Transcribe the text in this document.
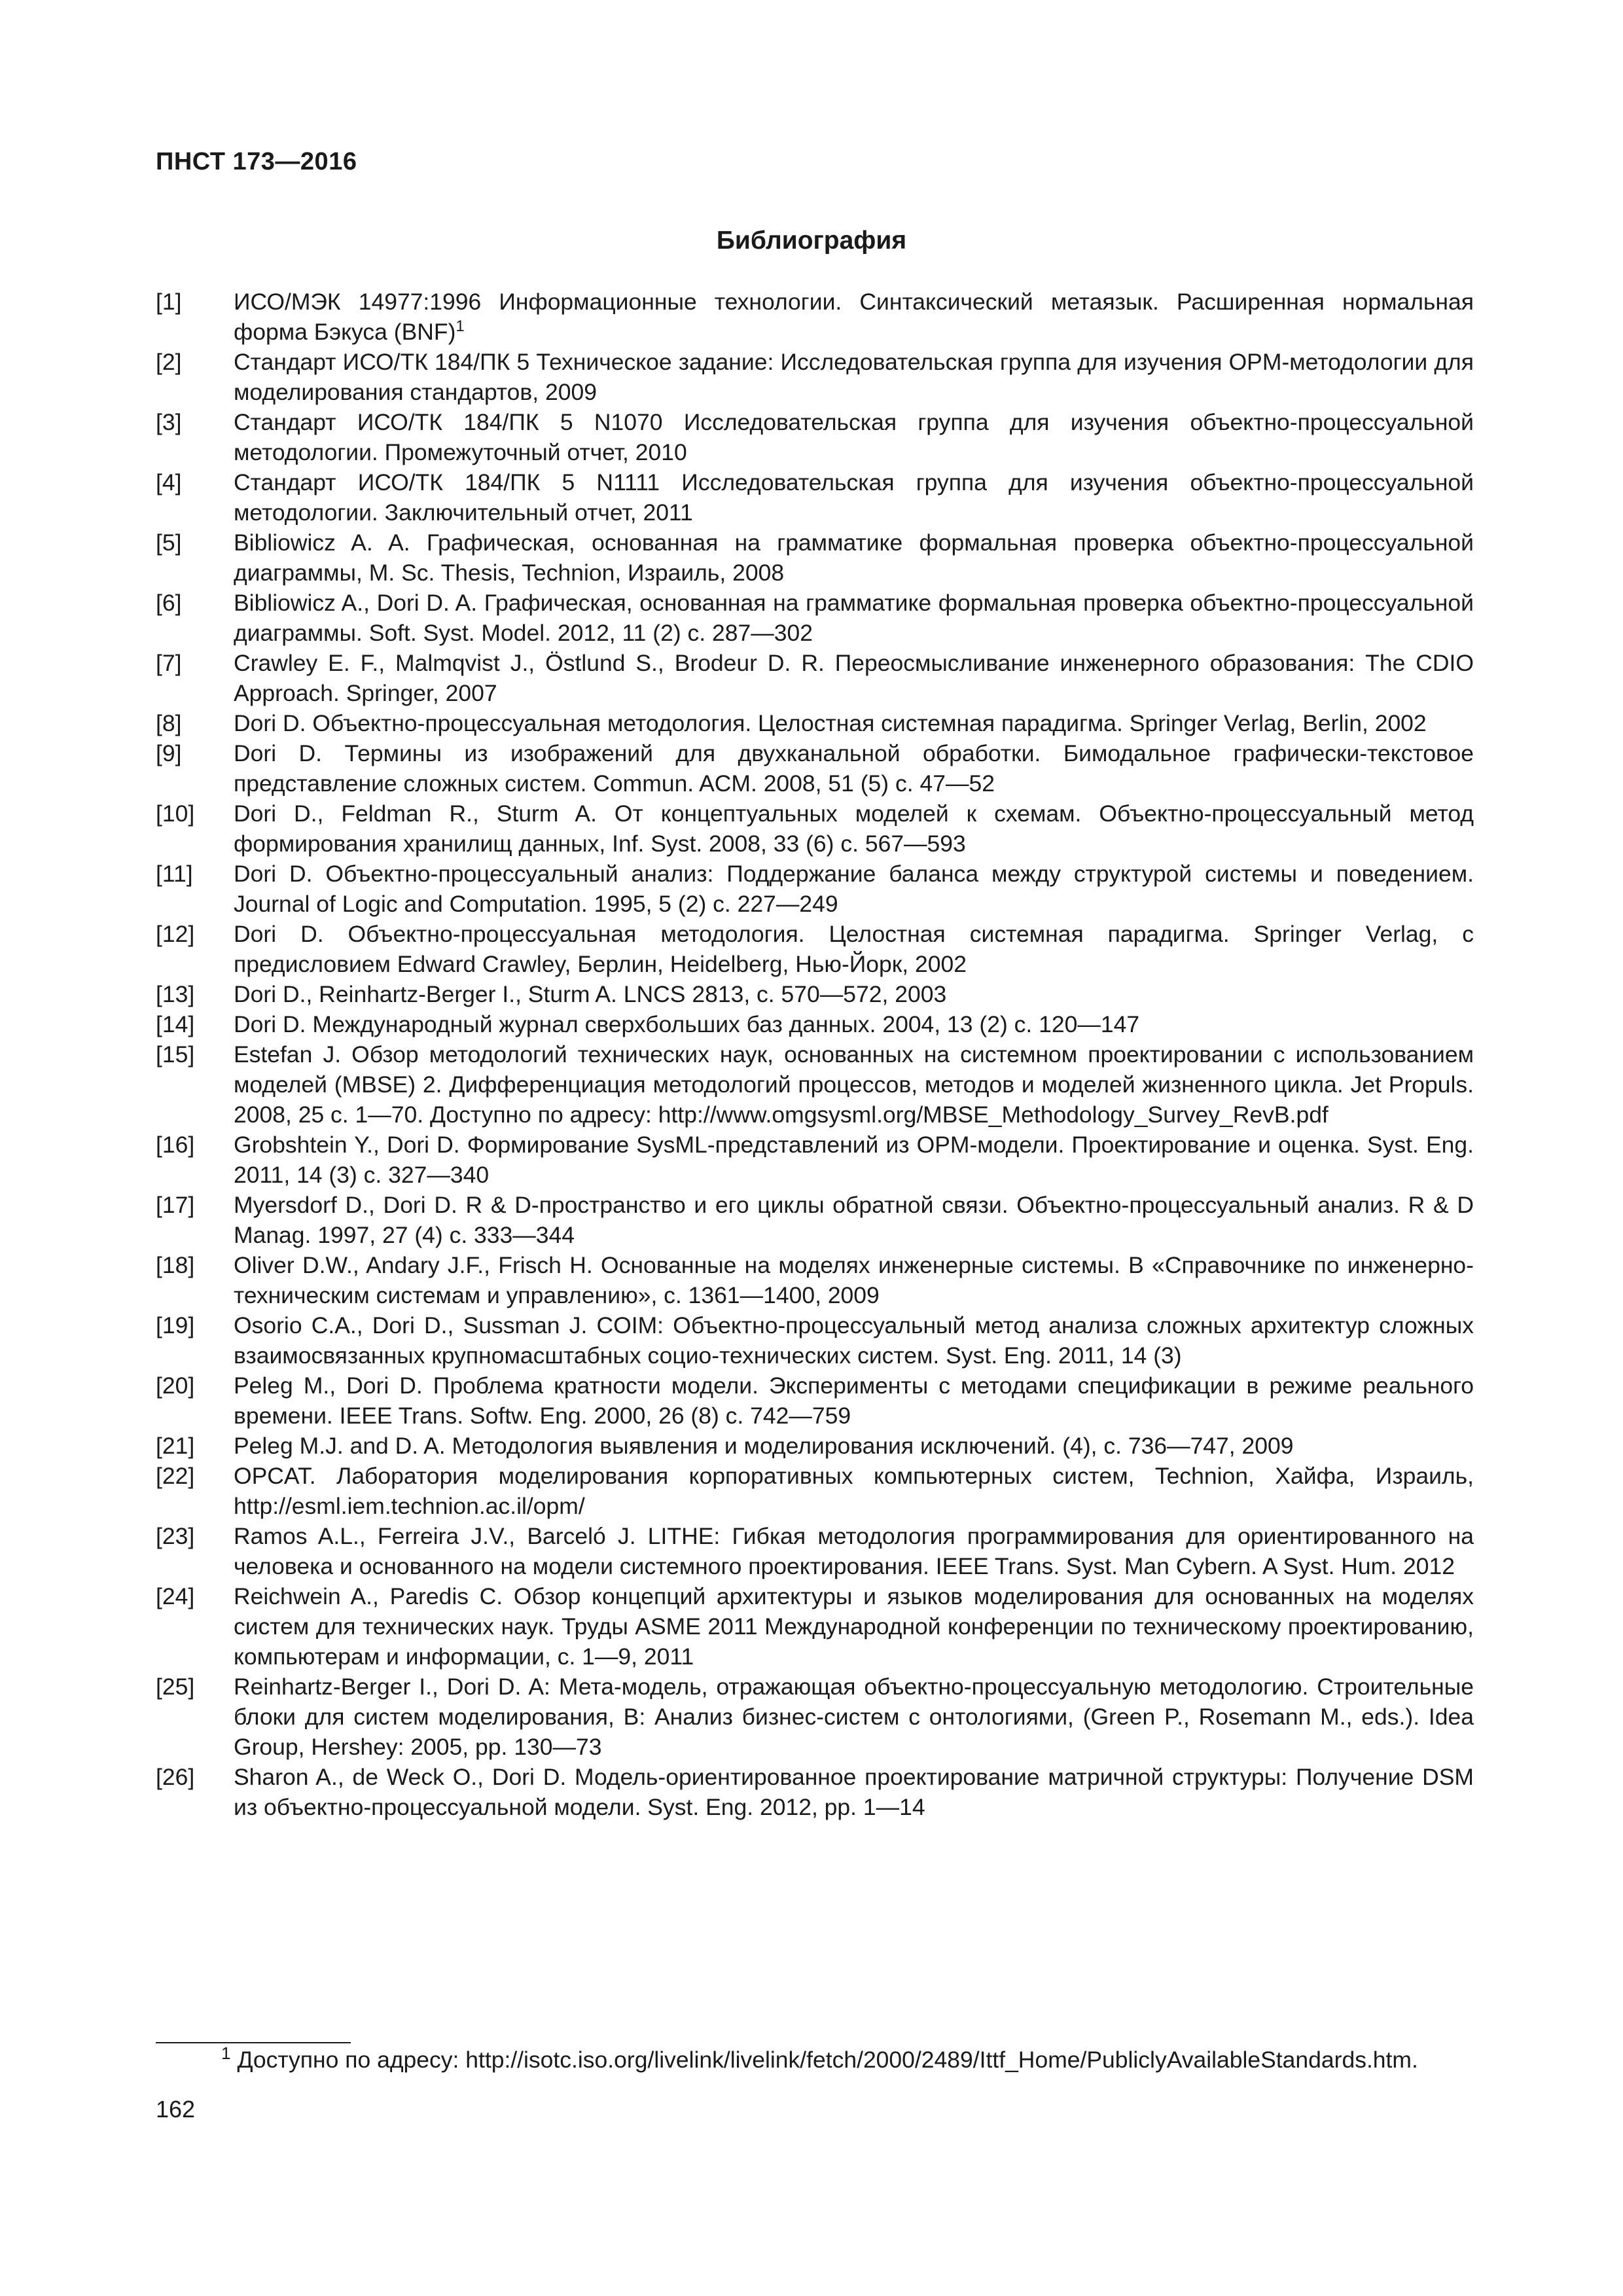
ПНСТ 173—2016
Библиография
[1]	ИСО/МЭК 14977:1996 Информационные технологии. Синтаксический метаязык. Расширенная нормальная форма Бэкуса (BNF)$^1$
[2]	Стандарт ИСО/ТК 184/ПК 5 Техническое задание: Исследовательская группа для изучения OPM-методологии для моделирования стандартов, 2009
[3]	Стандарт ИСО/ТК 184/ПК 5 N1070 Исследовательская группа для изучения объектно-процессуальной методологии. Промежуточный отчет, 2010
[4]	Стандарт ИСО/ТК 184/ПК 5 N1111 Исследовательская группа для изучения объектно-процессуальной методологии. Заключительный отчет, 2011
[5]	Bibliowicz A. A. Графическая, основанная на грамматике формальная проверка объектно-процессуальной диаграммы, M. Sc. Thesis, Technion, Израиль, 2008
[6]	Bibliowicz A., Dori D. A. Графическая, основанная на грамматике формальная проверка объектно-процессуальной диаграммы. Soft. Syst. Model. 2012, 11 (2) с. 287—302
[7]	Crawley E. F., Malmqvist J., Östlund S., Brodeur D. R. Переосмысливание инженерного образования: The CDIO Approach. Springer, 2007
[8]	Dori D. Объектно-процессуальная методология. Целостная системная парадигма. Springer Verlag, Berlin, 2002
[9]	Dori D. Термины из изображений для двухканальной обработки. Бимодальное графически-текстовое представление сложных систем. Commun. ACM. 2008, 51 (5) с. 47—52
[10]	Dori D., Feldman R., Sturm A. От концептуальных моделей к схемам. Объектно-процессуальный метод формирования хранилищ данных, Inf. Syst. 2008, 33 (6) с. 567—593
[11]	Dori D. Объектно-процессуальный анализ: Поддержание баланса между структурой системы и поведением. Journal of Logic and Computation. 1995, 5 (2) с. 227—249
[12]	Dori D. Объектно-процессуальная методология. Целостная системная парадигма. Springer Verlag, с предисловием Edward Crawley, Берлин, Heidelberg, Нью-Йорк, 2002
[13]	Dori D., Reinhartz-Berger I., Sturm A. LNCS 2813, с. 570—572, 2003
[14]	Dori D. Международный журнал сверхбольших баз данных. 2004, 13 (2) с. 120—147
[15]	Estefan J. Обзор методологий технических наук, основанных на системном проектировании с использованием моделей (MBSE) 2. Дифференциация методологий процессов, методов и моделей жизненного цикла. Jet Propuls. 2008, 25 с. 1—70. Доступно по адресу: http://www.omgsysml.org/MBSE_Methodology_Survey_RevB.pdf
[16]	Grobshtein Y., Dori D. Формирование SysML-представлений из OPM-модели. Проектирование и оценка. Syst. Eng. 2011, 14 (3) с. 327—340
[17]	Myersdorf D., Dori D. R & D-пространство и его циклы обратной связи. Объектно-процессуальный анализ. R & D Manag. 1997, 27 (4) с. 333—344
[18]	Oliver D.W., Andary J.F., Frisch H. Основанные на моделях инженерные системы. В «Справочнике по инженерно-техническим системам и управлению», с. 1361—1400, 2009
[19]	Osorio C.A., Dori D., Sussman J. COIM: Объектно-процессуальный метод анализа сложных архитектур сложных взаимосвязанных крупномасштабных социо-технических систем. Syst. Eng. 2011, 14 (3)
[20]	Peleg M., Dori D. Проблема кратности модели. Эксперименты с методами спецификации в режиме реального времени. IEEE Trans. Softw. Eng. 2000, 26 (8) с. 742—759
[21]	Peleg M.J. and D. A. Методология выявления и моделирования исключений. (4), с. 736—747, 2009
[22]	OPCAT. Лаборатория моделирования корпоративных компьютерных систем, Technion, Хайфа, Израиль, http://esml.iem.technion.ac.il/opm/
[23]	Ramos A.L., Ferreira J.V., Barceló J. LITHE: Гибкая методология программирования для ориентированного на человека и основанного на модели системного проектирования. IEEE Trans. Syst. Man Cybern. A Syst. Hum. 2012
[24]	Reichwein A., Paredis C. Обзор концепций архитектуры и языков моделирования для основанных на моделях систем для технических наук. Труды ASME 2011 Международной конференции по техническому проектированию, компьютерам и информации, с. 1—9, 2011
[25]	Reinhartz-Berger I., Dori D. A: Мета-модель, отражающая объектно-процессуальную методологию. Строительные блоки для систем моделирования, В: Анализ бизнес-систем с онтологиями, (Green P., Rosemann M., eds.). Idea Group, Hershey: 2005, pp. 130—73
[26]	Sharon A., de Weck O., Dori D. Модель-ориентированное проектирование матричной структуры: Получение DSM из объектно-процессуальной модели. Syst. Eng. 2012, pp. 1—14
$^1$ Доступно по адресу: http://isotc.iso.org/livelink/livelink/fetch/2000/2489/Ittf_Home/PubliclyAvailableStandards.htm.
162
